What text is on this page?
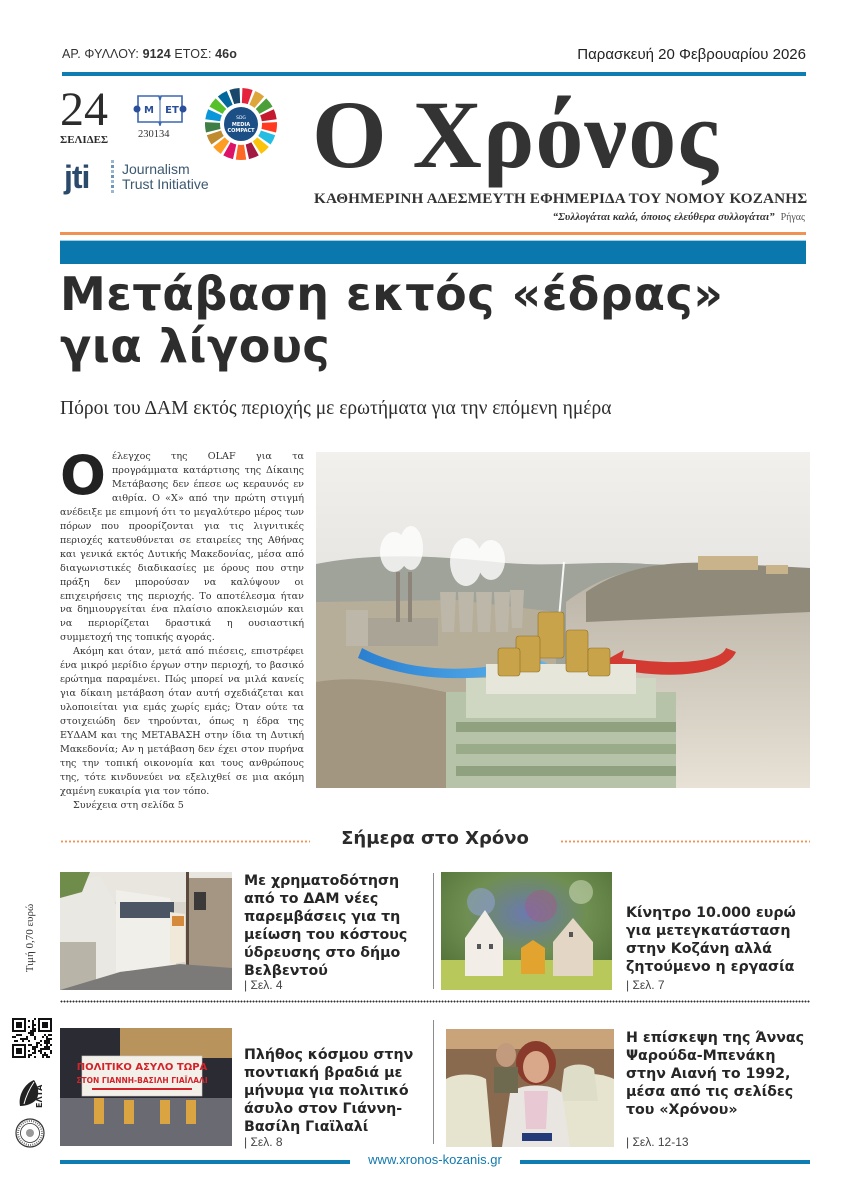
ΑΡ. ΦΥΛΛΟΥ: 9124 ΕΤΟΣ: 46ο	Παρασκευή 20 Φεβρουαρίου 2026
24
ΣΕΛΙΔΕΣ
M ET
230134
SDG
MEDIA
COMPACT
jti Journalism
Trust Initiative Ο Χρόνος
ΚΑΘΗΜΕΡΙΝΗ ΑΔΕΣΜΕΥΤΗ ΕΦΗΜΕΡΙΔΑ ΤΟΥ ΝΟΜΟΥ ΚΟΖΑΝΗΣ
“Συλλογάται καλά, όποιος ελεύθερα συλλογάται” Ρήγας
Μετάβαση εκτός «έδρας» για λίγους
Πόροι του ΔΑΜ εκτός περιοχής με ερωτήματα για την επόμενη ημέρα
Ο έλεγχος της OLAF για τα προγράμματα κατάρτισης της Δίκαιης Μετάβασης δεν έπεσε ως κεραυνός εν αιθρία. Ο «Χ» από την πρώτη στιγμή ανέδειξε με επιμονή ότι το μεγαλύτερο μέρος των πόρων που προορίζονται για τις λιγνιτικές περιοχές κατευθύνεται σε εταιρείες της Αθήνας και γενικά εκτός Δυτικής Μακεδονίας, μέσα από διαγωνιστικές διαδικασίες με όρους που στην πράξη δεν μπορούσαν να καλύψουν οι επιχειρήσεις της περιοχής. Το αποτέλεσμα ήταν να δημιουργείται ένα πλαίσιο αποκλεισμών και να περιορίζεται δραστικά η ουσιαστική συμμετοχή της τοπικής αγοράς.

Ακόμη και όταν, μετά από πιέσεις, επιστρέφει ένα μικρό μερίδιο έργων στην περιοχή, το βασικό ερώτημα παραμένει. Πώς μπορεί να μιλά κανείς για δίκαιη μετάβαση όταν αυτή σχεδιάζεται και υλοποιείται για εμάς χωρίς εμάς; Όταν ούτε τα στοιχειώδη δεν τηρούνται, όπως η έδρα της ΕΥΔΑΜ και της ΜΕΤΑΒΑΣΗ στην ίδια τη Δυτική Μακεδονία; Αν η μετάβαση δεν έχει στον πυρήνα της την τοπική οικονομία και τους ανθρώπους της, τότε κινδυνεύει να εξελιχθεί σε μια ακόμη χαμένη ευκαιρία για τον τόπο.

Συνέχεια στη σελίδα 5

Σήμερα στο Χρόνο
Με χρηματοδότηση από το ΔΑΜ νέες παρεμβάσεις για τη μείωση του κόστους ύδρευσης στο δήμο Βελβεντού
| Σελ. 4
Κίνητρο 10.000 ευρώ για μετεγκατάσταση στην Κοζάνη αλλά ζητούμενο η εργασία
| Σελ. 7
ΠΟΛΙΤΙΚΟ ΑΣΥΛΟ ΤΩΡΑ
ΣΤΟΝ ΓΙΑΝΝΗ-ΒΑΣΙΛΗ ΓΙΑΪΛΑΛΙ
Πλήθος κόσμου στην ποντιακή βραδιά με μήνυμα για πολιτικό άσυλο στον Γιάννη-Βασίλη Γιαϊλαλί
| Σελ. 8
Η επίσκεψη της Άννας Ψαρούδα-Μπενάκη στην Αιανή το 1992, μέσα από τις σελίδες του «Χρόνου»
| Σελ. 12-13
Τιμή 0,70 ευρώ
ΕΛΤΑ
www.xronos-kozanis.gr
